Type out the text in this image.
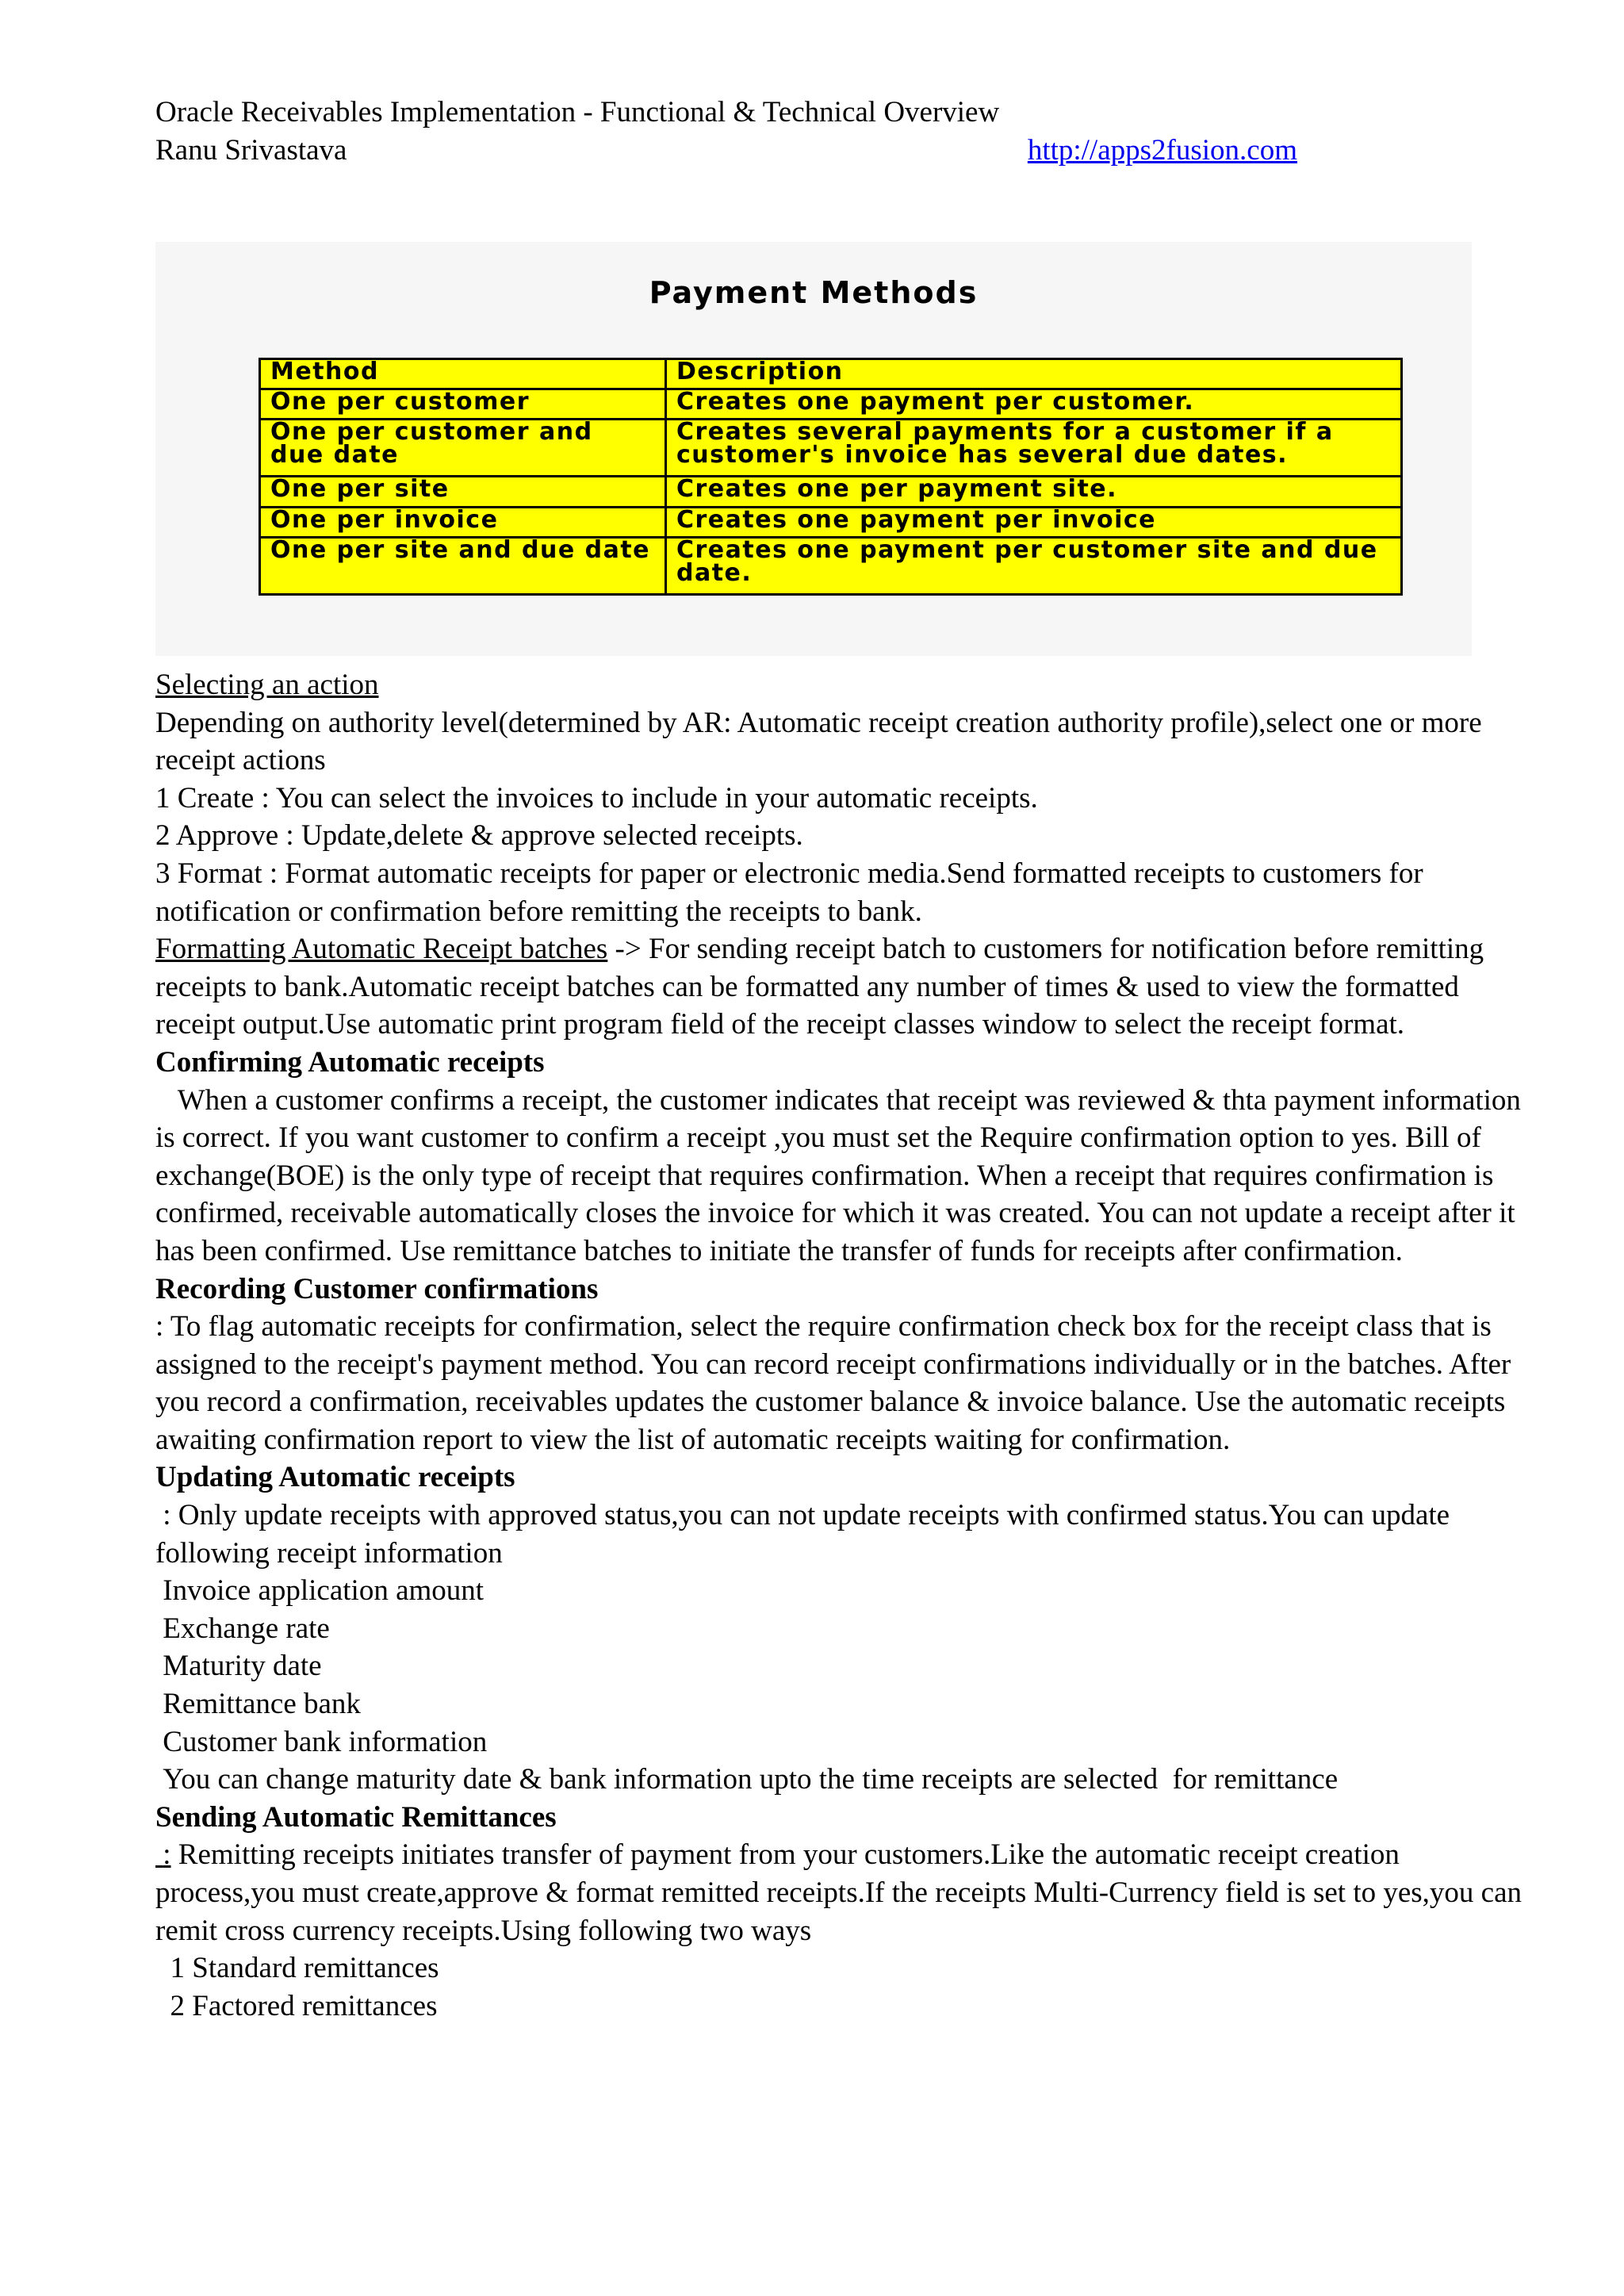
Oracle Receivables Implementation - Functional & Technical Overview
Ranu Srivastava	http://apps2fusion.com
Payment Methods
Method	Description
One per customer	Creates one payment per customer.
One per customer and due date	Creates several payments for a customer if a customer's invoice has several due dates.
One per site	Creates one per payment site.
One per invoice	Creates one payment per invoice
One per site and due date	Creates one payment per customer site and due date.

Selecting an action

Depending on authority level(determined by AR: Automatic receipt creation authority profile),select one or more receipt actions

1 Create : You can select the invoices to include in your automatic receipts.

2 Approve : Update,delete & approve selected receipts.

3 Format : Format automatic receipts for paper or electronic media.Send formatted receipts to customers for notification or confirmation before remitting the receipts to bank.

Formatting Automatic Receipt batches -> For sending receipt batch to customers for notification before remitting receipts to bank.Automatic receipt batches can be formatted any number of times & used to view the formatted receipt output.Use automatic print program field of the receipt classes window to select the receipt format.

Confirming Automatic receipts

When a customer confirms a receipt, the customer indicates that receipt was reviewed & thta payment information is correct. If you want customer to confirm a receipt ,you must set the Require confirmation option to yes. Bill of exchange(BOE) is the only type of receipt that requires confirmation. When a receipt that requires confirmation is confirmed, receivable automatically closes the invoice for which it was created. You can not update a receipt after it has been confirmed. Use remittance batches to initiate the transfer of funds for receipts after confirmation.

Recording Customer confirmations

: To flag automatic receipts for confirmation, select the require confirmation check box for the receipt class that is assigned to the receipt's payment method. You can record receipt confirmations individually or in the batches. After you record a confirmation, receivables updates the customer balance & invoice balance. Use the automatic receipts awaiting confirmation report to view the list of automatic receipts waiting for confirmation.

Updating Automatic receipts

: Only update receipts with approved status,you can not update receipts with confirmed status.You can update following receipt information

Invoice application amount

Exchange rate

Maturity date

Remittance bank

Customer bank information

You can change maturity date & bank information upto the time receipts are selected  for remittance

Sending Automatic Remittances

: Remitting receipts initiates transfer of payment from your customers.Like the automatic receipt creation process,you must create,approve & format remitted receipts.If the receipts Multi-Currency field is set to yes,you can remit cross currency receipts.Using following two ways

1 Standard remittances

2 Factored remittances
